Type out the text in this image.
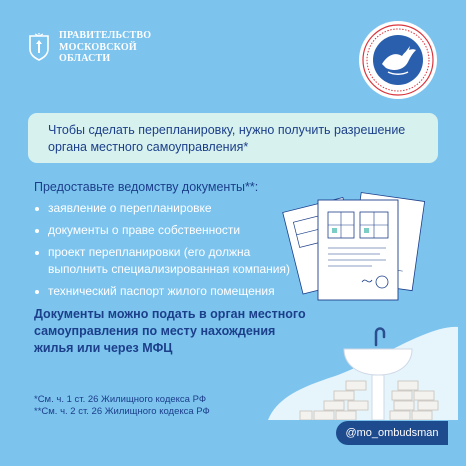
ПРАВИТЕЛЬСТВО
МОСКОВСКОЙ
ОБЛАСТИ
Чтобы сделать перепланировку, нужно получить разрешение органа местного самоуправления*
Предоставьте ведомству документы**:
заявление о перепланировке
документы о праве собственности
проект перепланировки (его должна выполнить специализированная компания)
технический паспорт жилого помещения
Документы можно подать в орган местного самоуправления по месту нахождения жилья или через МФЦ
*См. ч. 1 ст. 26 Жилищного кодекса РФ
**См. ч. 2 ст. 26 Жилищного кодекса РФ
@mo_ombudsman
